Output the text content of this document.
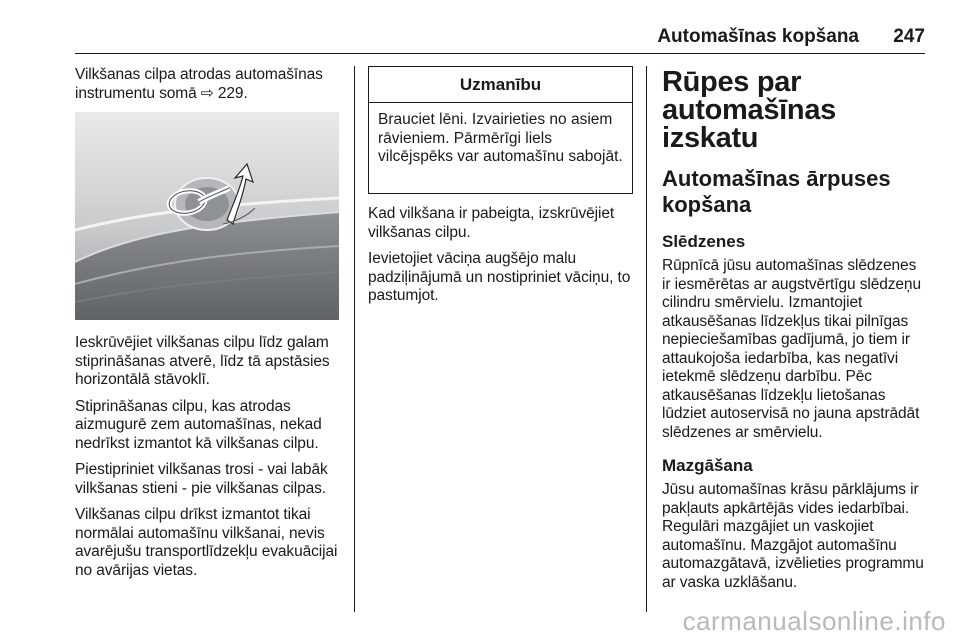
Automašīnas kopšana 247

Vilkšanas cilpa atrodas automašīnas instrumentu somā ⇨ 229.

Ieskrūvējiet vilkšanas cilpu līdz galam stiprināšanas atverē, līdz tā apstāsies horizontālā stāvoklī.

Stiprināšanas cilpu, kas atrodas aizmugurē zem automašīnas, nekad nedrīkst izmantot kā vilkšanas cilpu.

Piestipriniet vilkšanas trosi - vai labāk vilkšanas stieni - pie vilkšanas cilpas.

Vilkšanas cilpu drīkst izmantot tikai normālai automašīnu vilkšanai, nevis avarējušu transportlīdzekļu evakuācijai no avārijas vietas.

Uzmanību
Brauciet lēni. Izvairieties no asiem rāvieniem. Pārmērīgi liels vilcējspēks var automašīnu sabojāt.

Kad vilkšana ir pabeigta, izskrūvējiet vilkšanas cilpu.

Ievietojiet vāciņa augšējo malu padziļinājumā un nostipriniet vāciņu, to pastumjot.

Rūpes par automašīnas izskatu
Automašīnas ārpuses kopšana
Slēdzenes

Rūpnīcā jūsu automašīnas slēdzenes ir iesmērētas ar augstvērtīgu slēdzeņu cilindru smērvielu. Izmantojiet atkausēšanas līdzekļus tikai pilnīgas nepieciešamības gadījumā, jo tiem ir attaukojoša iedarbība, kas negatīvi ietekmē slēdzeņu darbību. Pēc atkausēšanas līdzekļu lietošanas lūdziet autoservisā no jauna apstrādāt slēdzenes ar smērvielu.

Mazgāšana

Jūsu automašīnas krāsu pārklājums ir pakļauts apkārtējās vides iedarbībai. Regulāri mazgājiet un vaskojiet automašīnu. Mazgājot automašīnu automazgātavā, izvēlieties programmu ar vaska uzklāšanu.

carmanualsonline.info
